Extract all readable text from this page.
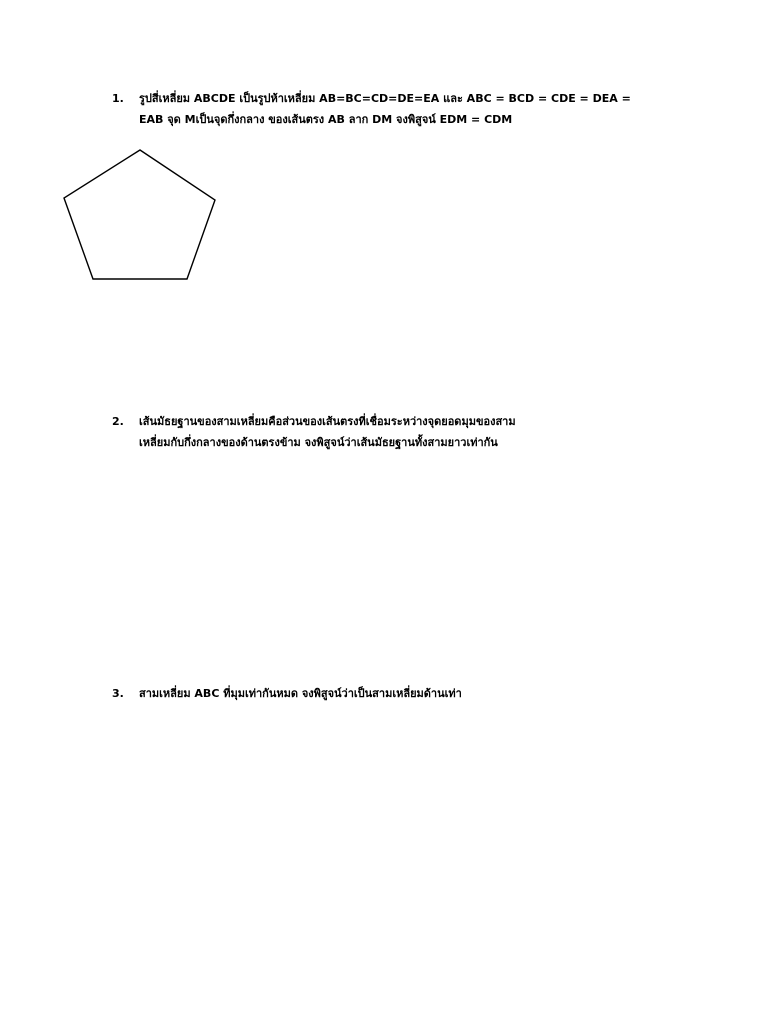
1. รูปสี่เหลี่ยม ABCDE เป็นรูปห้าเหลี่ยม AB=BC=CD=DE=EA และ ABC = BCD = CDE = DEA =
EAB จุด Mเป็นจุดกึ่งกลาง ของเส้นตรง AB ลาก DM จงพิสูจน์ EDM = CDM
2. เส้นมัธยฐานของสามเหลี่ยมคือส่วนของเส้นตรงที่เชื่อมระหว่างจุดยอดมุมของสาม
เหลี่ยมกับกึ่งกลางของด้านตรงข้าม จงพิสูจน์ว่าเส้นมัธยฐานทั้งสามยาวเท่ากัน
3. สามเหลี่ยม ABC ที่มุมเท่ากันหมด จงพิสูจน์ว่าเป็นสามเหลี่ยมด้านเท่า
